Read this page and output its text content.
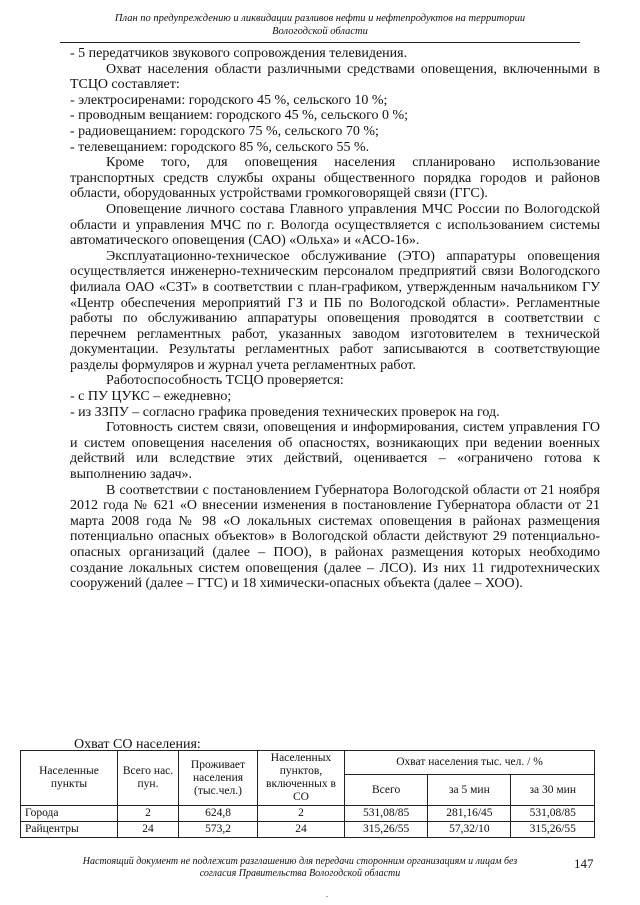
План по предупреждению и ликвидации разливов нефти и нефтепродуктов на территории
Вологодской области

- 5 передатчиков звукового сопровождения телевидения.

Охват населения области различными средствами оповещения, включенными в ТСЦО составляет:

- электросиренами: городского 45 %, сельского 10 %;

- проводным вещанием: городского 45 %, сельского 0 %;

- радиовещанием: городского 75 %, сельского 70 %;

- телевещанием: городского 85 %, сельского 55 %.

Кроме того, для оповещения населения спланировано использование транспортных средств службы охраны общественного порядка городов и районов области, оборудованных устройствами громкоговорящей связи (ГГС).

Оповещение личного состава Главного управления МЧС России по Вологодской области и управления МЧС по г. Вологда осуществляется с использованием системы автоматического оповещения (САО) «Ольха» и «АСО-16».

Эксплуатационно-техническое обслуживание (ЭТО) аппаратуры оповещения осуществляется инженерно-техническим персоналом предприятий связи Вологодского филиала ОАО «СЗТ» в соответствии с план-графиком, утвержденным начальником ГУ «Центр обеспечения мероприятий ГЗ и ПБ по Вологодской области». Регламентные работы по обслуживанию аппаратуры оповещения проводятся в соответствии с перечнем регламентных работ, указанных заводом изготовителем в технической документации. Результаты регламентных работ записываются в соответствующие разделы формуляров и журнал учета регламентных работ.

Работоспособность ТСЦО проверяется:

- с ПУ ЦУКС – ежедневно;

- из ЗЗПУ – согласно графика проведения технических проверок на год.

Готовность систем связи, оповещения и информирования, систем управления ГО и систем оповещения населения об опасностях, возникающих при ведении военных действий или вследствие этих действий, оценивается – «ограничено готова к выполнению задач».

В соответствии с постановлением Губернатора Вологодской области от 21 ноября 2012 года № 621 «О внесении изменения в постановление Губернатора области от 21 марта 2008 года № 98 «О локальных системах оповещения в районах размещения потенциально опасных объектов» в Вологодской области действуют 29 потенциально-опасных организаций (далее – ПОО), в районах размещения которых необходимо создание локальных систем оповещения (далее – ЛСО). Из них 11 гидротехнических сооружений (далее – ГТС) и 18 химически-опасных объекта (далее – ХОО).

Охват СО населения:
Населенные пункты	Всего нас. пун.	Проживает населения (тыс.чел.)	Населенных пунктов, включенных в СО	Охват населения тыс. чел. / %		
				Всего	за 5 мин	за 30 мин
Города	2	624,8	2	531,08/85	281,16/45	531,08/85
Райцентры	24	573,2	24	315,26/55	57,32/10	315,26/55
Настоящий документ не подлежит разглашению для передачи сторонним организациям и лицам без
согласия Правительства Вологодской области
147
.
